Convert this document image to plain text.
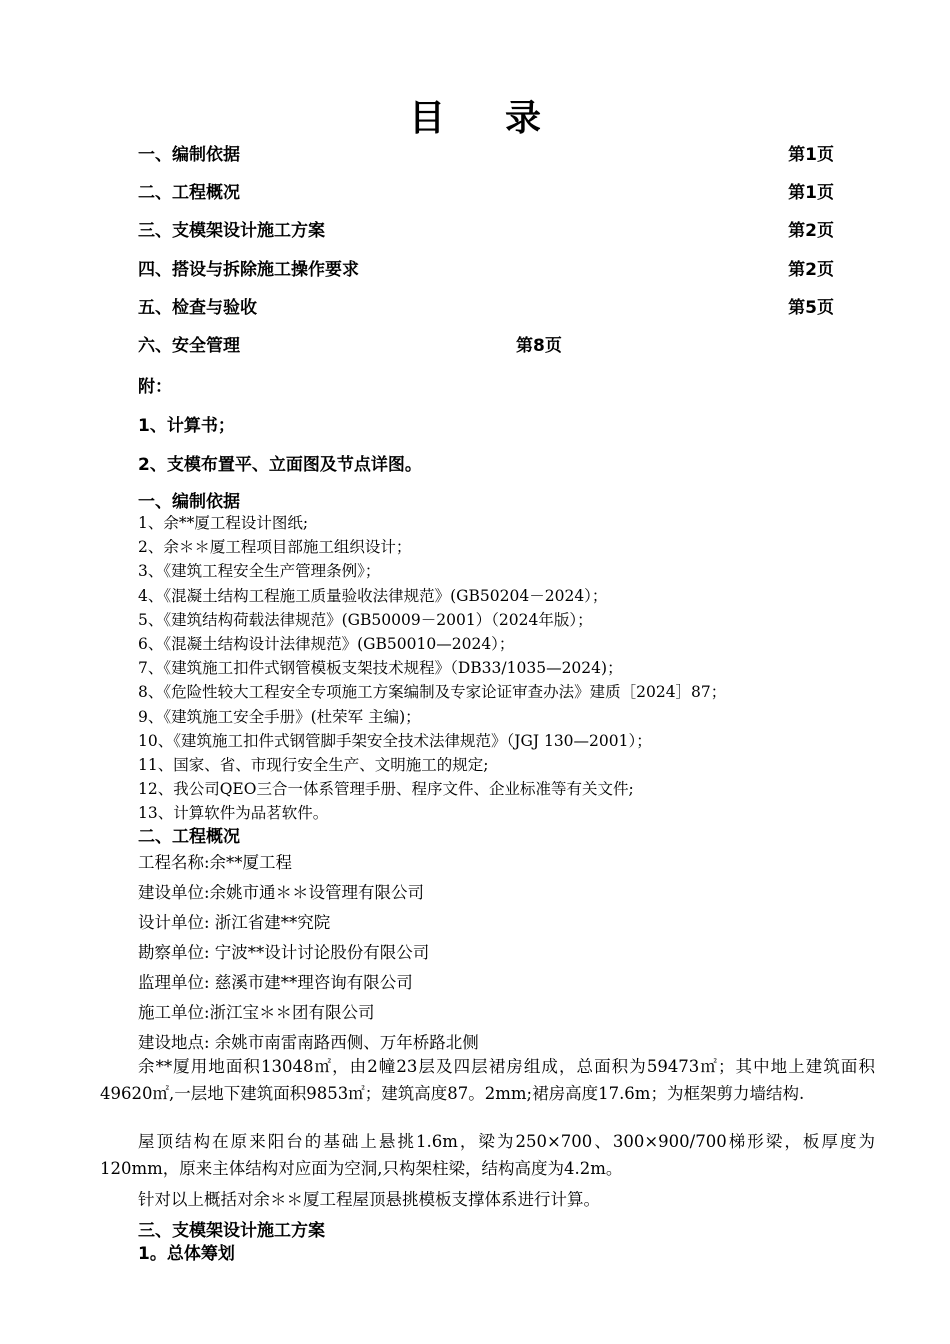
目录
一、编制依据	第1页
二、工程概况	第1页
三、支模架设计施工方案	第2页
四、搭设与拆除施工操作要求	第2页
五、检查与验收	第5页
六、安全管理	第8页
附：
1、计算书；
2、支模布置平、立面图及节点详图。
一、编制依据
1、余**厦工程设计图纸;
2、余＊＊厦工程项目部施工组织设计；
3、《建筑工程安全生产管理条例》；
4、《混凝土结构工程施工质量验收法律规范》(GB50204－2024）；
5、《建筑结构荷载法律规范》(GB50009－2001）（2024年版）；
6、《混凝土结构设计法律规范》(GB50010—2024）；
7、《建筑施工扣件式钢管模板支架技术规程》（DB33/1035—2024)；
8、《危险性较大工程安全专项施工方案编制及专家论证审查办法》建质［2024］87；
9、《建筑施工安全手册》(杜荣军 主编)；
10、《建筑施工扣件式钢管脚手架安全技术法律规范》（JGJ 130—2001）；
11、国家、省、市现行安全生产、文明施工的规定;
12、我公司QEO三合一体系管理手册、程序文件、企业标准等有关文件;
13、计算软件为品茗软件。
二、工程概况
工程名称:余**厦工程
建设单位:余姚市通＊＊设管理有限公司
设计单位: 浙江省建**究院
勘察单位: 宁波**设计讨论股份有限公司
监理单位: 慈溪市建**理咨询有限公司
施工单位:浙江宝＊＊团有限公司
建设地点: 余姚市南雷南路西侧、万年桥路北侧
余**厦用地面积13048㎡，由2幢23层及四层裙房组成，总面积为59473㎡；其中地上建筑面积49620㎡,一层地下建筑面积9853㎡；建筑高度87。2mm;裙房高度17.6m；为框架剪力墙结构.
屋顶结构在原来阳台的基础上悬挑1.6m，梁为250×700、300×900/700梯形梁，板厚度为120mm，原来主体结构对应面为空洞,只构架柱梁，结构高度为4.2m。
针对以上概括对余＊＊厦工程屋顶悬挑模板支撑体系进行计算。
三、支模架设计施工方案
1。总体筹划
